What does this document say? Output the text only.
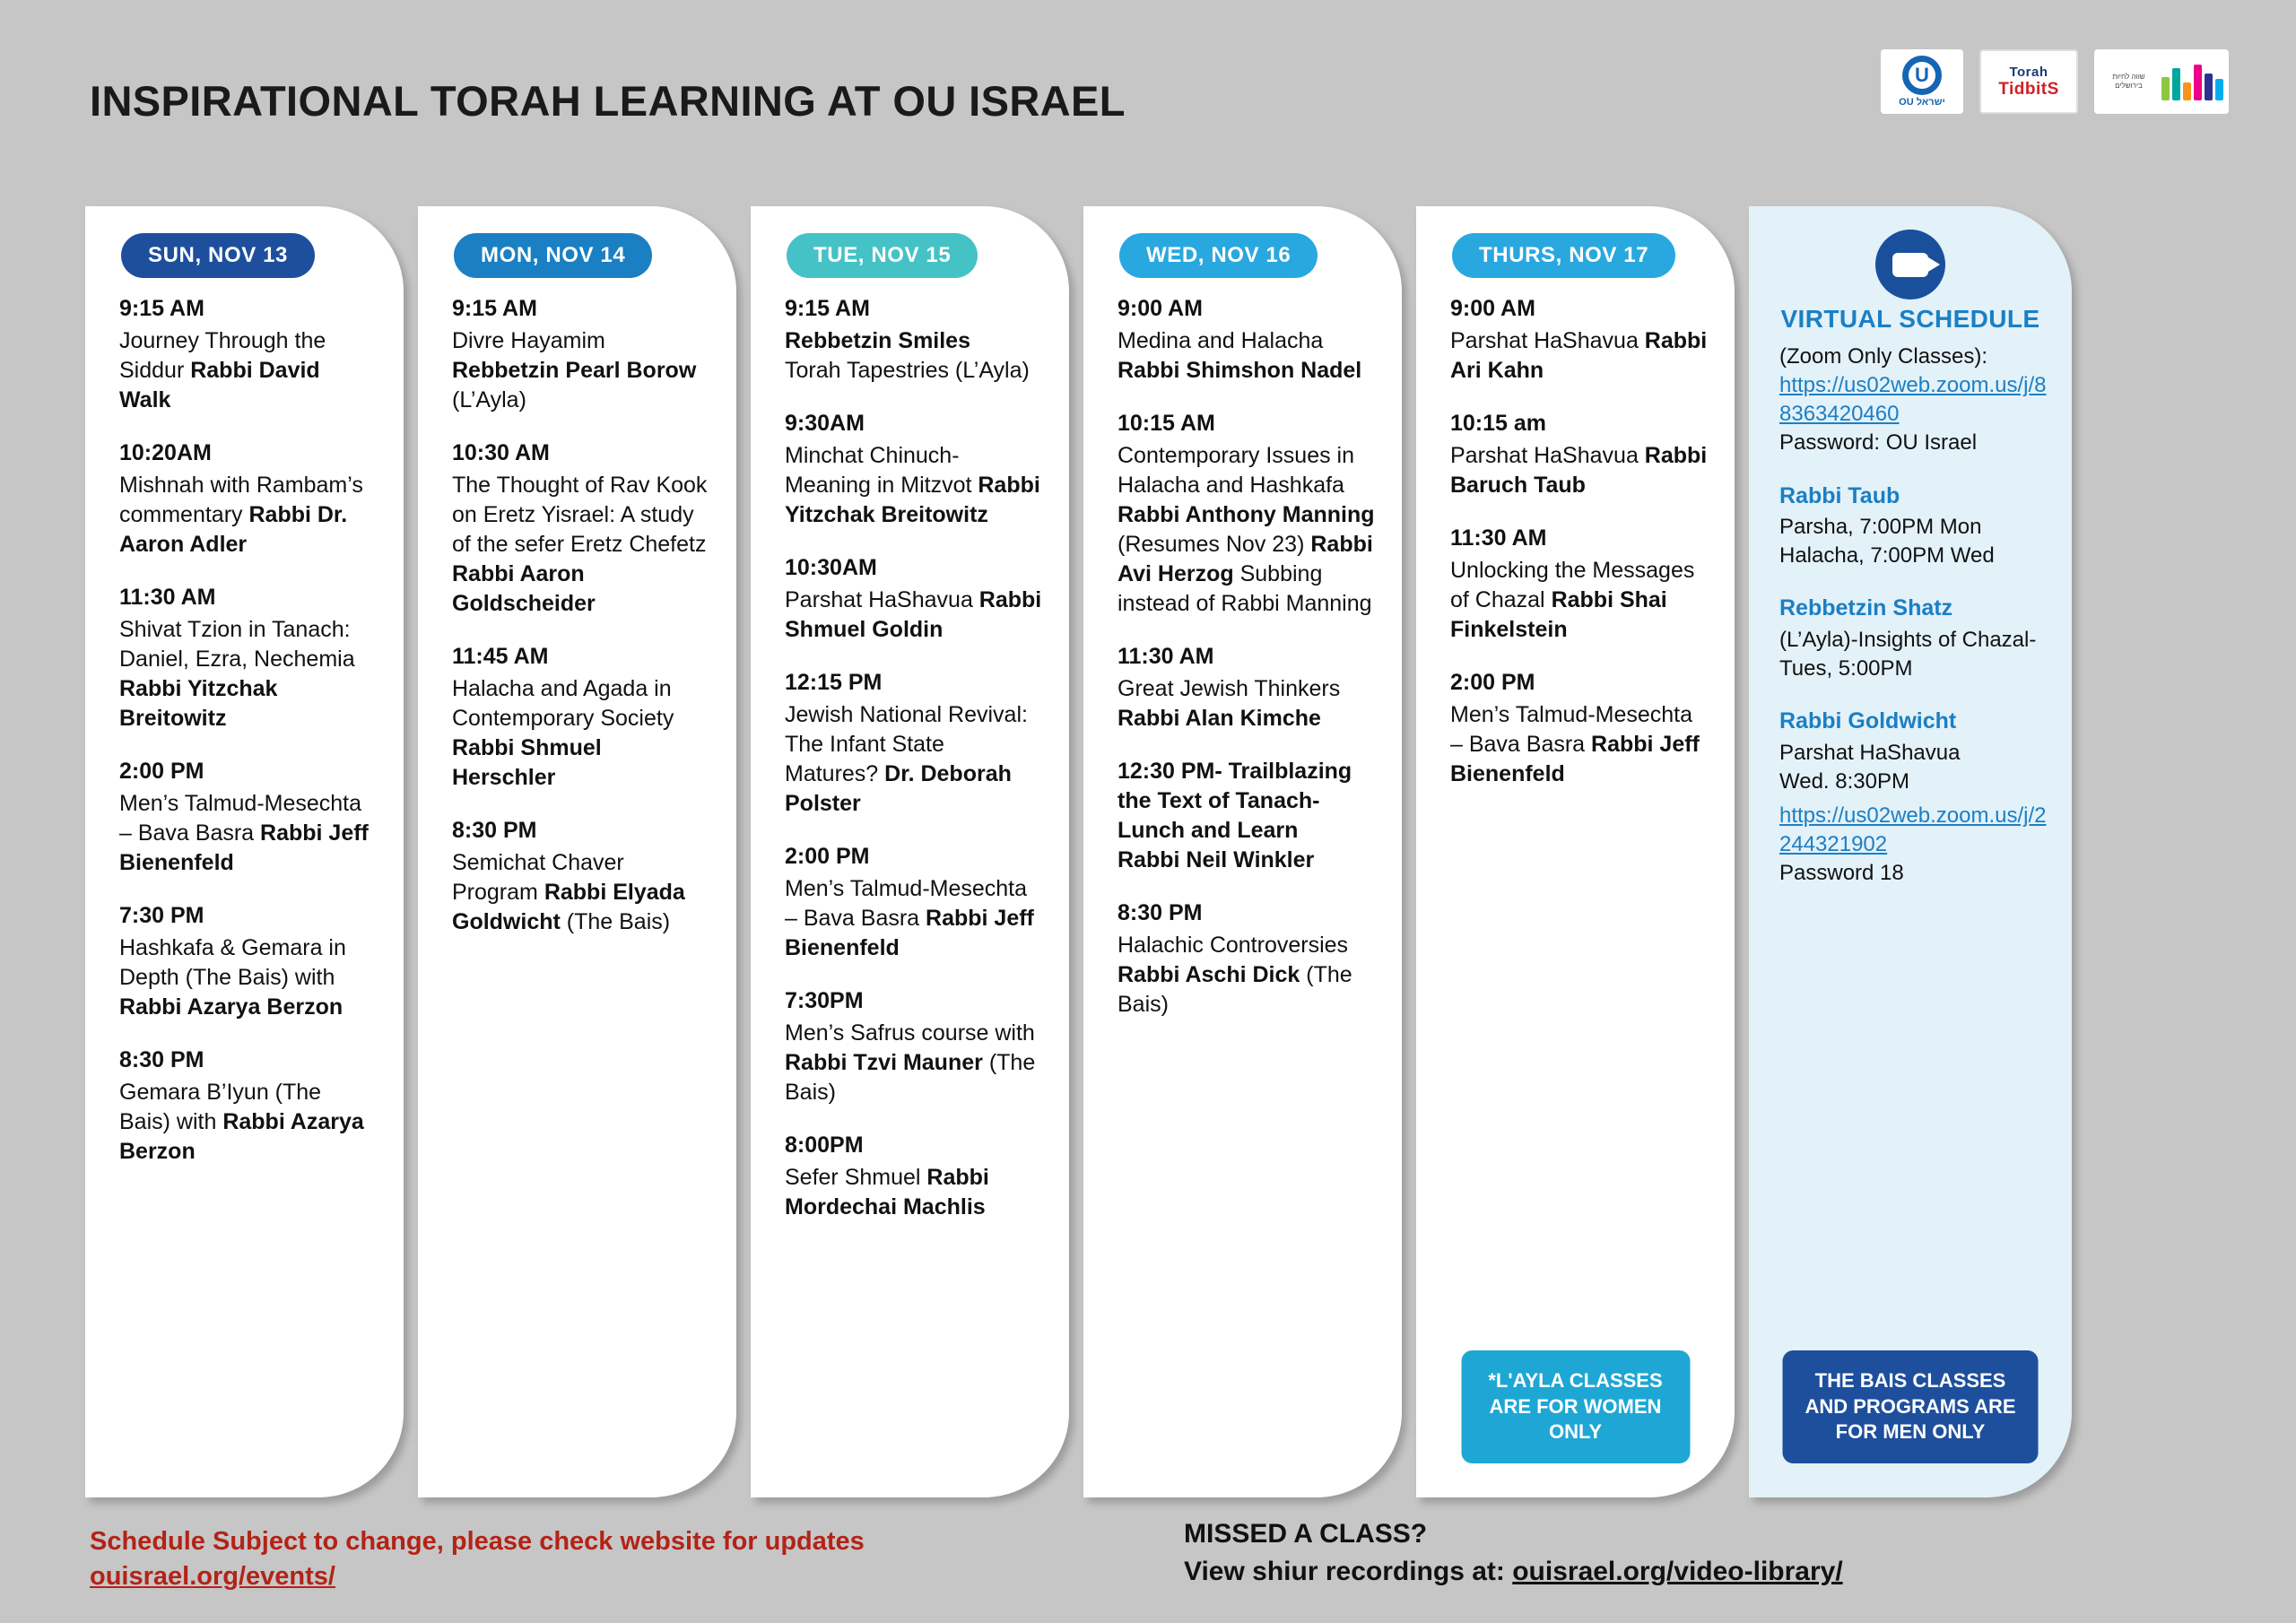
INSPIRATIONAL TORAH LEARNING AT OU ISRAEL
U
OU ישראל
Torah
TidbitS
שווה לחיות בירושלים
SUN, NOV 13
9:15 AM
Journey Through the Siddur Rabbi David Walk
10:20AM
Mishnah with Rambam’s commentary Rabbi Dr. Aaron Adler
11:30 AM
Shivat Tzion in Tanach: Daniel, Ezra, Nechemia Rabbi Yitzchak Breitowitz
2:00 PM
Men’s Talmud-Mesechta – Bava Basra Rabbi Jeff Bienenfeld
7:30 PM
Hashkafa & Gemara in Depth (The Bais) with Rabbi Azarya Berzon
8:30 PM
Gemara B’Iyun (The Bais) with Rabbi Azarya Berzon
MON, NOV 14
9:15 AM
Divre Hayamim Rebbetzin Pearl Borow (L’Ayla)
10:30 AM
The Thought of Rav Kook on Eretz Yisrael: A study of the sefer Eretz Chefetz Rabbi Aaron Goldscheider
11:45 AM
Halacha and Agada in Contemporary Society Rabbi Shmuel Herschler
8:30 PM
Semichat Chaver Program Rabbi Elyada Goldwicht (The Bais)
TUE, NOV 15
9:15 AM
Rebbetzin Smiles
Torah Tapestries (L’Ayla)
9:30AM
Minchat Chinuch-Meaning in Mitzvot Rabbi Yitzchak Breitowitz
10:30AM
Parshat HaShavua Rabbi Shmuel Goldin
12:15 PM
Jewish National Revival: The Infant State Matures? Dr. Deborah Polster
2:00 PM
Men’s Talmud-Mesechta – Bava Basra Rabbi Jeff Bienenfeld
7:30PM
Men’s Safrus course with Rabbi Tzvi Mauner (The Bais)
8:00PM
Sefer Shmuel Rabbi Mordechai Machlis
WED, NOV 16
9:00 AM
Medina and Halacha Rabbi Shimshon Nadel
10:15 AM
Contemporary Issues in Halacha and Hashkafa Rabbi Anthony Manning (Resumes Nov 23) Rabbi Avi Herzog Subbing instead of Rabbi Manning
11:30 AM
Great Jewish Thinkers Rabbi Alan Kimche
12:30 PM- Trailblazing the Text of Tanach-Lunch and Learn
Rabbi Neil Winkler
8:30 PM
Halachic Controversies Rabbi Aschi Dick (The Bais)
THURS, NOV 17
9:00 AM
Parshat HaShavua Rabbi Ari Kahn
10:15 am
Parshat HaShavua Rabbi Baruch Taub
11:30 AM
Unlocking the Messages of Chazal Rabbi Shai Finkelstein
2:00 PM
Men’s Talmud-Mesechta – Bava Basra Rabbi Jeff Bienenfeld
*L'AYLA CLASSES ARE FOR WOMEN ONLY
VIRTUAL SCHEDULE
(Zoom Only Classes):
https://us02web.zoom.us/j/88363420460
Password: OU Israel
Rabbi Taub
Parsha, 7:00PM Mon
Halacha, 7:00PM Wed
Rebbetzin Shatz
(L’Ayla)-Insights of Chazal- Tues, 5:00PM
Rabbi Goldwicht
Parshat HaShavua
Wed. 8:30PM
https://us02web.zoom.us/j/2244321902
Password 18
THE BAIS CLASSES AND PROGRAMS ARE FOR MEN ONLY
Schedule Subject to change, please check website for updates
ouisrael.org/events/
MISSED A CLASS?
View shiur recordings at: ouisrael.org/video-library/
